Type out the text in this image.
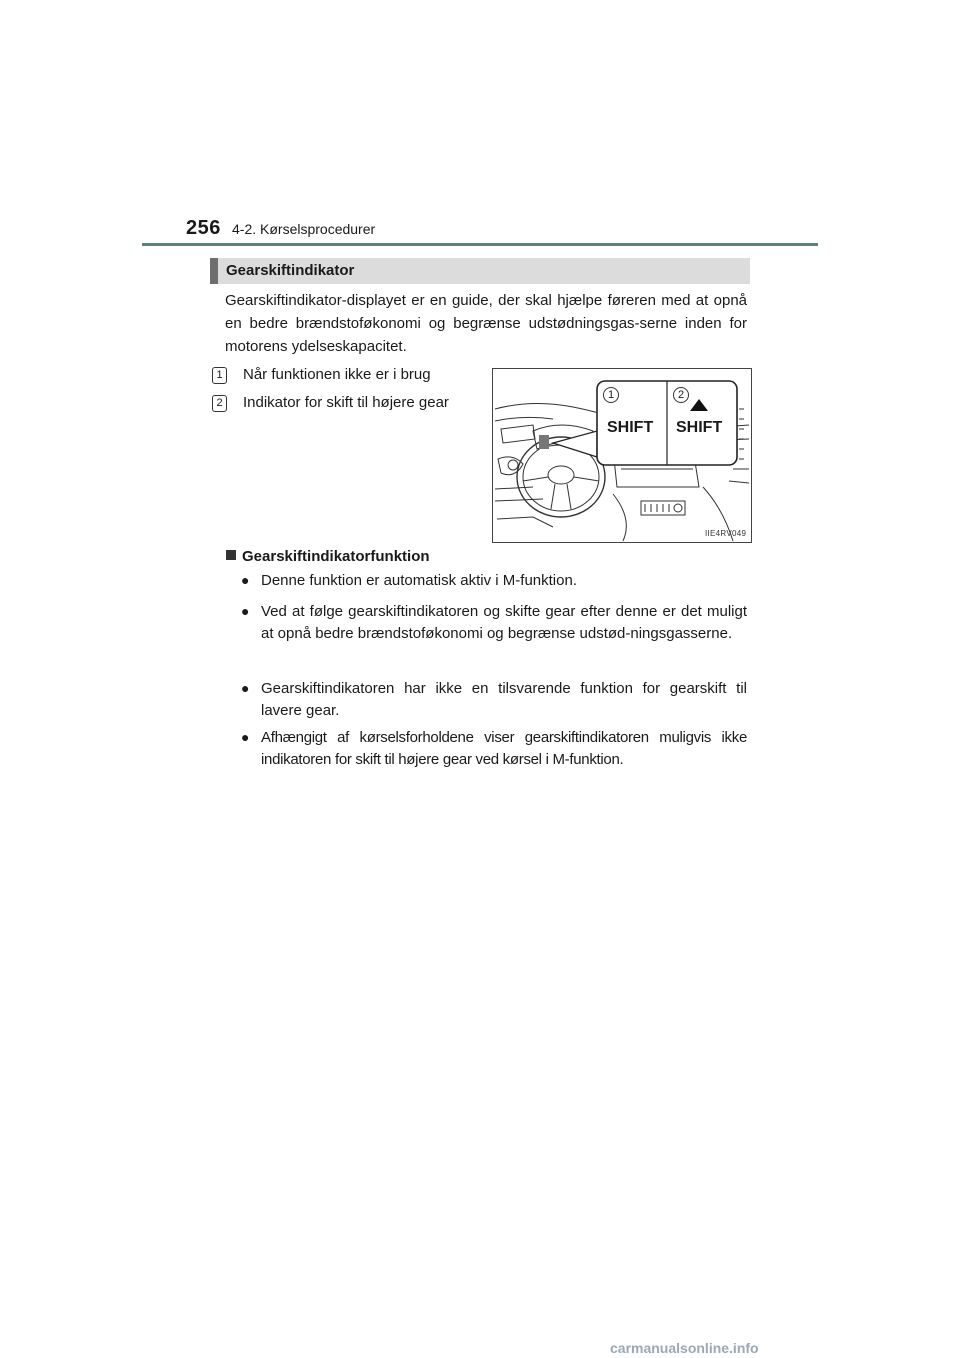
256 4-2. Kørselsprocedurer
Gearskiftindikator
Gearskiftindikator-displayet er en guide, der skal hjælpe føreren med at opnå en bedre brændstoføkonomi og begrænse udstødningsgas-serne inden for motorens ydelseskapacitet.
1 Når funktionen ikke er i brug
2 Indikator for skift til højere gear	1	2
SHIFT SHIFT
IIE4RV049
Gearskiftindikatorfunktion
● Denne funktion er automatisk aktiv i M-funktion.
● Ved at følge gearskiftindikatoren og skifte gear efter denne er det muligt at opnå bedre brændstoføkonomi og begrænse udstød-ningsgasserne.
● Gearskiftindikatoren har ikke en tilsvarende funktion for gearskift til lavere gear.
● Afhængigt af kørselsforholdene viser gearskiftindikatoren muligvis ikke indikatoren for skift til højere gear ved kørsel i M-funktion.
carmanualsonline.info
